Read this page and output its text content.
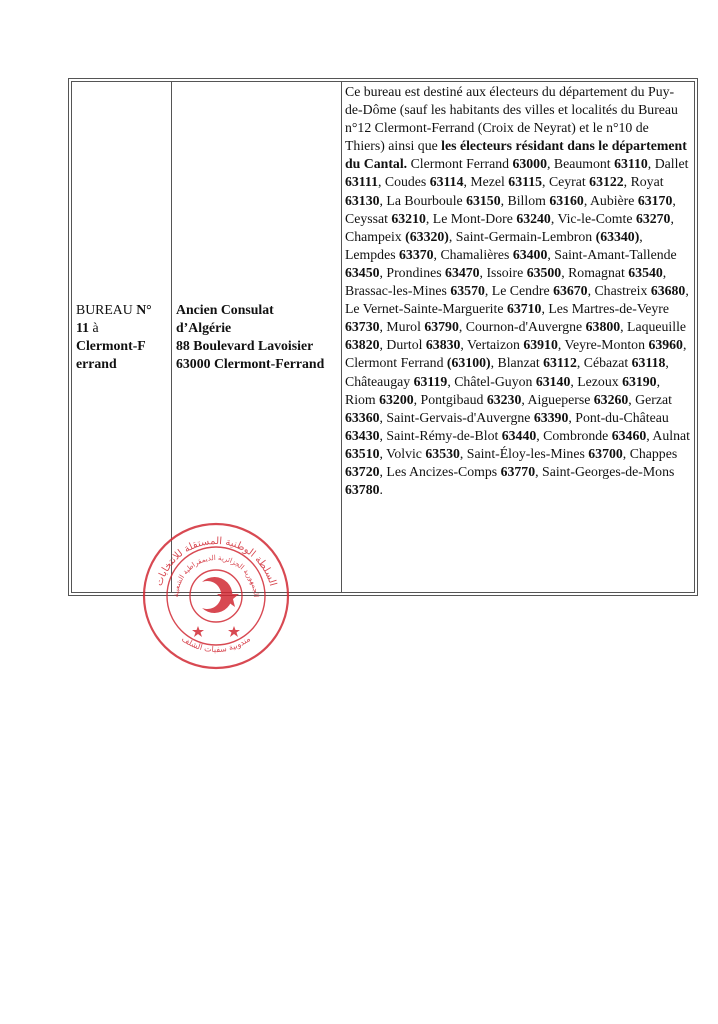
BUREAU N°
11 à
Clermont-Ferrand
Ancien Consulat
d’Algérie
88 Boulevard Lavoisier
63000 Clermont-Ferrand
Ce bureau est destiné aux électeurs du département du Puy-de-Dôme (sauf les habitants des villes et localités du Bureau n°12 Clermont-Ferrand (Croix de Neyrat) et le n°10 de Thiers) ainsi que les électeurs résidant dans le département du Cantal. Clermont Ferrand 63000, Beaumont 63110, Dallet 63111, Coudes 63114, Mezel 63115, Ceyrat 63122, Royat 63130, La Bourboule 63150, Billom 63160, Aubière 63170, Ceyssat 63210, Le Mont-Dore 63240, Vic-le-Comte 63270, Champeix (63320), Saint-Germain-Lembron (63340), Lempdes 63370, Chamalières 63400, Saint-Amant-Tallende 63450, Prondines 63470, Issoire 63500, Romagnat 63540, Brassac-les-Mines 63570, Le Cendre 63670, Chastreix 63680, Le Vernet-Sainte-Marguerite 63710, Les Martres-de-Veyre 63730, Murol 63790, Cournon-d'Auvergne 63800, Laqueuille 63820, Durtol 63830, Vertaizon 63910, Veyre-Monton 63960, Clermont Ferrand (63100), Blanzat 63112, Cébazat 63118, Châteaugay 63119, Châtel-Guyon 63140, Lezoux 63190, Riom 63200, Pontgibaud 63230, Aigueperse 63260, Gerzat 63360, Saint-Gervais-d'Auvergne 63390, Pont-du-Château 63430, Saint-Rémy-de-Blot 63440, Combronde 63460, Aulnat 63510, Volvic 63530, Saint-Éloy-les-Mines 63700, Chappes 63720, Les Ancizes-Comps 63770, Saint-Georges-de-Mons 63780.
السلطة الوطنية المستقلة للانتخابات
الجمهورية الجزائرية الديمقراطية الشعبية
مندوبية سفيات الشلف
